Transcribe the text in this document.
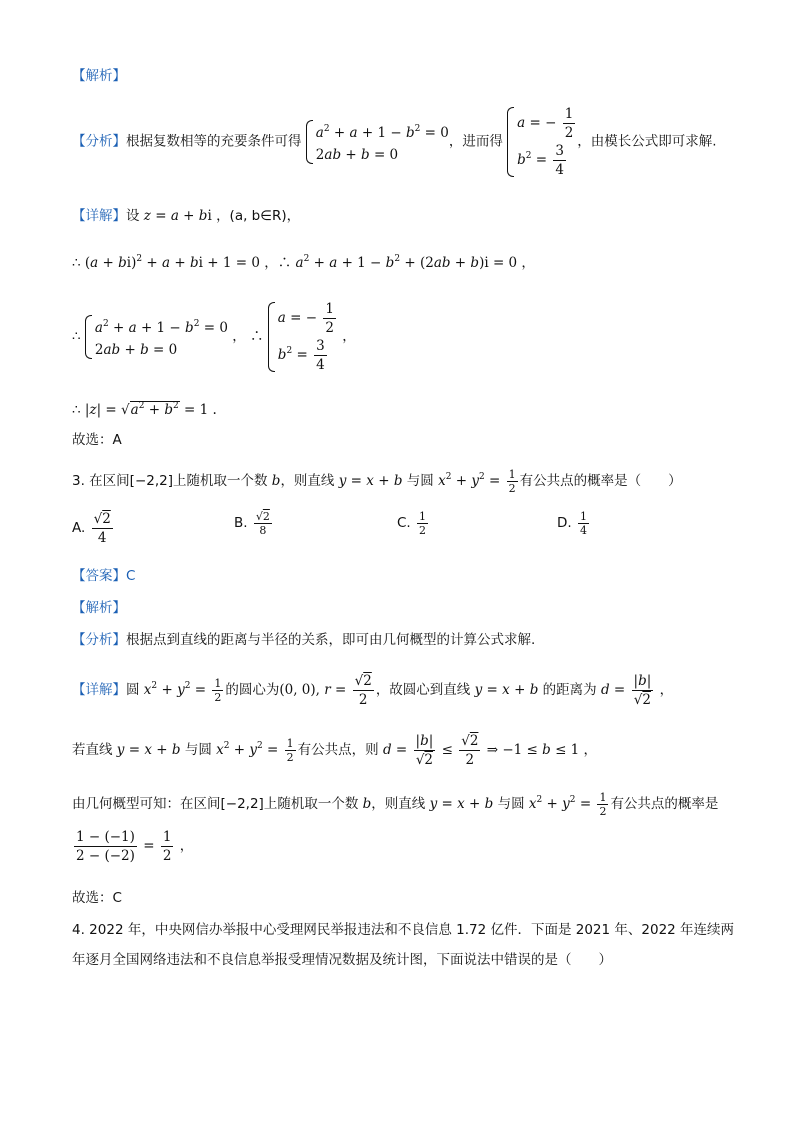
【解析】
【分析】根据复数相等的充要条件可得
$a^2 + a + 1 - b^2 = 0$
2ab + b = 0
，进而得
a = − $\frac{1}{2}$
$b^2 = \frac{3}{4}$
，由模长公式即可求解.
【详解】设 z = a + bi ，(a, b∈R)，
∴ (a + bi)$^2$ + a + bi + 1 = 0 ，∴ $a^2 + a + 1 - b^2 + (2ab + b)i = 0$ ，
∴
$a^2 + a + 1 - b^2 = 0$
2ab + b = 0
， ∴
a = − $\frac{1}{2}$
$b^2 = \frac{3}{4}$
，
∴ $|z| = √a^2 + b^2 = 1$ .
故选：A
3. 在区间[−2,2]上随机取一个数 b，则直线 y = x + b 与圆 $x^2 + y^2 = \frac{1}{2}$ 有公共点的概率是（　　）
A. $\frac{√2}{4}$	B. $\frac{√2}{8}$	C. $\frac{1}{2}$	D. $\frac{1}{4}$
【答案】C
【解析】
【分析】根据点到直线的距离与半径的关系，即可由几何概型的计算公式求解.
【详解】圆 $x^2 + y^2 = \frac{1}{2}$ 的圆心为(0, 0), $r = \frac{√2}{2}$ ，故圆心到直线 y = x + b 的距离为 $d = \frac{|b|}{√2}$ ，
若直线 y = x + b 与圆 $x^2 + y^2 = \frac{1}{2}$ 有公共点，则 $d = \frac{|b|}{√2} \le \frac{√2}{2}$ ⇒ −1 ≤ b ≤ 1 ，
由几何概型可知：在区间[−2,2]上随机取一个数 b，则直线 y = x + b 与圆 $x^2 + y^2 = \frac{1}{2}$ 有公共点的概率是
$\frac{1 - (-1)}{2 - (-2)} = \frac{1}{2}$ ，
故选：C
4. 2022 年，中央网信办举报中心受理网民举报违法和不良信息 1.72 亿件．下面是 2021 年、2022 年连续两
年逐月全国网络违法和不良信息举报受理情况数据及统计图，下面说法中错误的是（　　）
